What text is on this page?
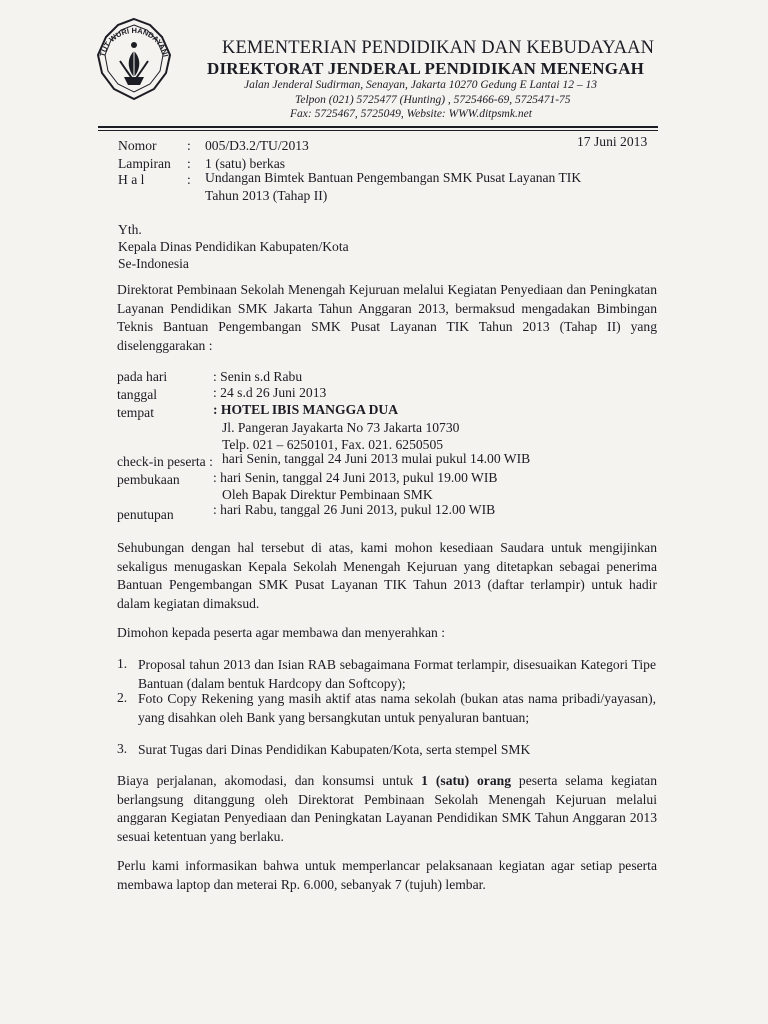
TUT WURI HANDAYANI	KEMENTERIAN PENDIDIKAN DAN KEBUDAYAAN
DIREKTORAT JENDERAL PENDIDIKAN MENENGAH
Jalan Jenderal Sudirman, Senayan, Jakarta 10270 Gedung E Lantai 12 – 13
Telpon (021) 5725477 (Hunting) , 5725466-69, 5725471-75
Fax: 5725467, 5725049, Website: WWW.ditpsmk.net
Nomor : 005/D3.2/TU/2013	17 Juni 2013
Lampiran : 1 (satu) berkas
H a l	: Undangan Bimtek Bantuan Pengembangan SMK Pusat Layanan TIK
Tahun 2013 (Tahap II)
Yth.
Kepala Dinas Pendidikan Kabupaten/Kota
Se-Indonesia
Direktorat Pembinaan Sekolah Menengah Kejuruan melalui Kegiatan Penyediaan dan Peningkatan Layanan Pendidikan SMK Jakarta Tahun Anggaran 2013, bermaksud mengadakan Bimbingan Teknis Bantuan Pengembangan SMK Pusat Layanan TIK Tahun 2013 (Tahap II) yang diselenggarakan :
pada hari	: Senin s.d Rabu
tanggal	: 24 s.d 26 Juni 2013
tempat	: HOTEL IBIS MANGGA DUA
Jl. Pangeran Jayakarta No 73 Jakarta 10730
Telp. 021 – 6250101, Fax. 021. 6250505
check-in peserta : hari Senin, tanggal 24 Juni 2013 mulai pukul 14.00 WIB
pembukaan : hari Senin, tanggal 24 Juni 2013, pukul 19.00 WIB
Oleh Bapak Direktur Pembinaan SMK
penutupan	: hari Rabu, tanggal 26 Juni 2013, pukul 12.00 WIB
Sehubungan dengan hal tersebut di atas, kami mohon kesediaan Saudara untuk mengijinkan sekaligus menugaskan Kepala Sekolah Menengah Kejuruan yang ditetapkan sebagai penerima Bantuan Pengembangan SMK Pusat Layanan TIK Tahun 2013 (daftar terlampir) untuk hadir dalam kegiatan dimaksud.
Dimohon kepada peserta agar membawa dan menyerahkan :
1. Proposal tahun 2013 dan Isian RAB sebagaimana Format terlampir, disesuaikan Kategori Tipe Bantuan (dalam bentuk Hardcopy dan Softcopy);
2. Foto Copy Rekening yang masih aktif atas nama sekolah (bukan atas nama pribadi/yayasan), yang disahkan oleh Bank yang bersangkutan untuk penyaluran bantuan;
3. Surat Tugas dari Dinas Pendidikan Kabupaten/Kota, serta stempel SMK
Biaya perjalanan, akomodasi, dan konsumsi untuk 1 (satu) orang peserta selama kegiatan berlangsung ditanggung oleh Direktorat Pembinaan Sekolah Menengah Kejuruan melalui anggaran Kegiatan Penyediaan dan Peningkatan Layanan Pendidikan SMK Tahun Anggaran 2013 sesuai ketentuan yang berlaku.
Perlu kami informasikan bahwa untuk memperlancar pelaksanaan kegiatan agar setiap peserta membawa laptop dan meterai Rp. 6.000, sebanyak 7 (tujuh) lembar.
